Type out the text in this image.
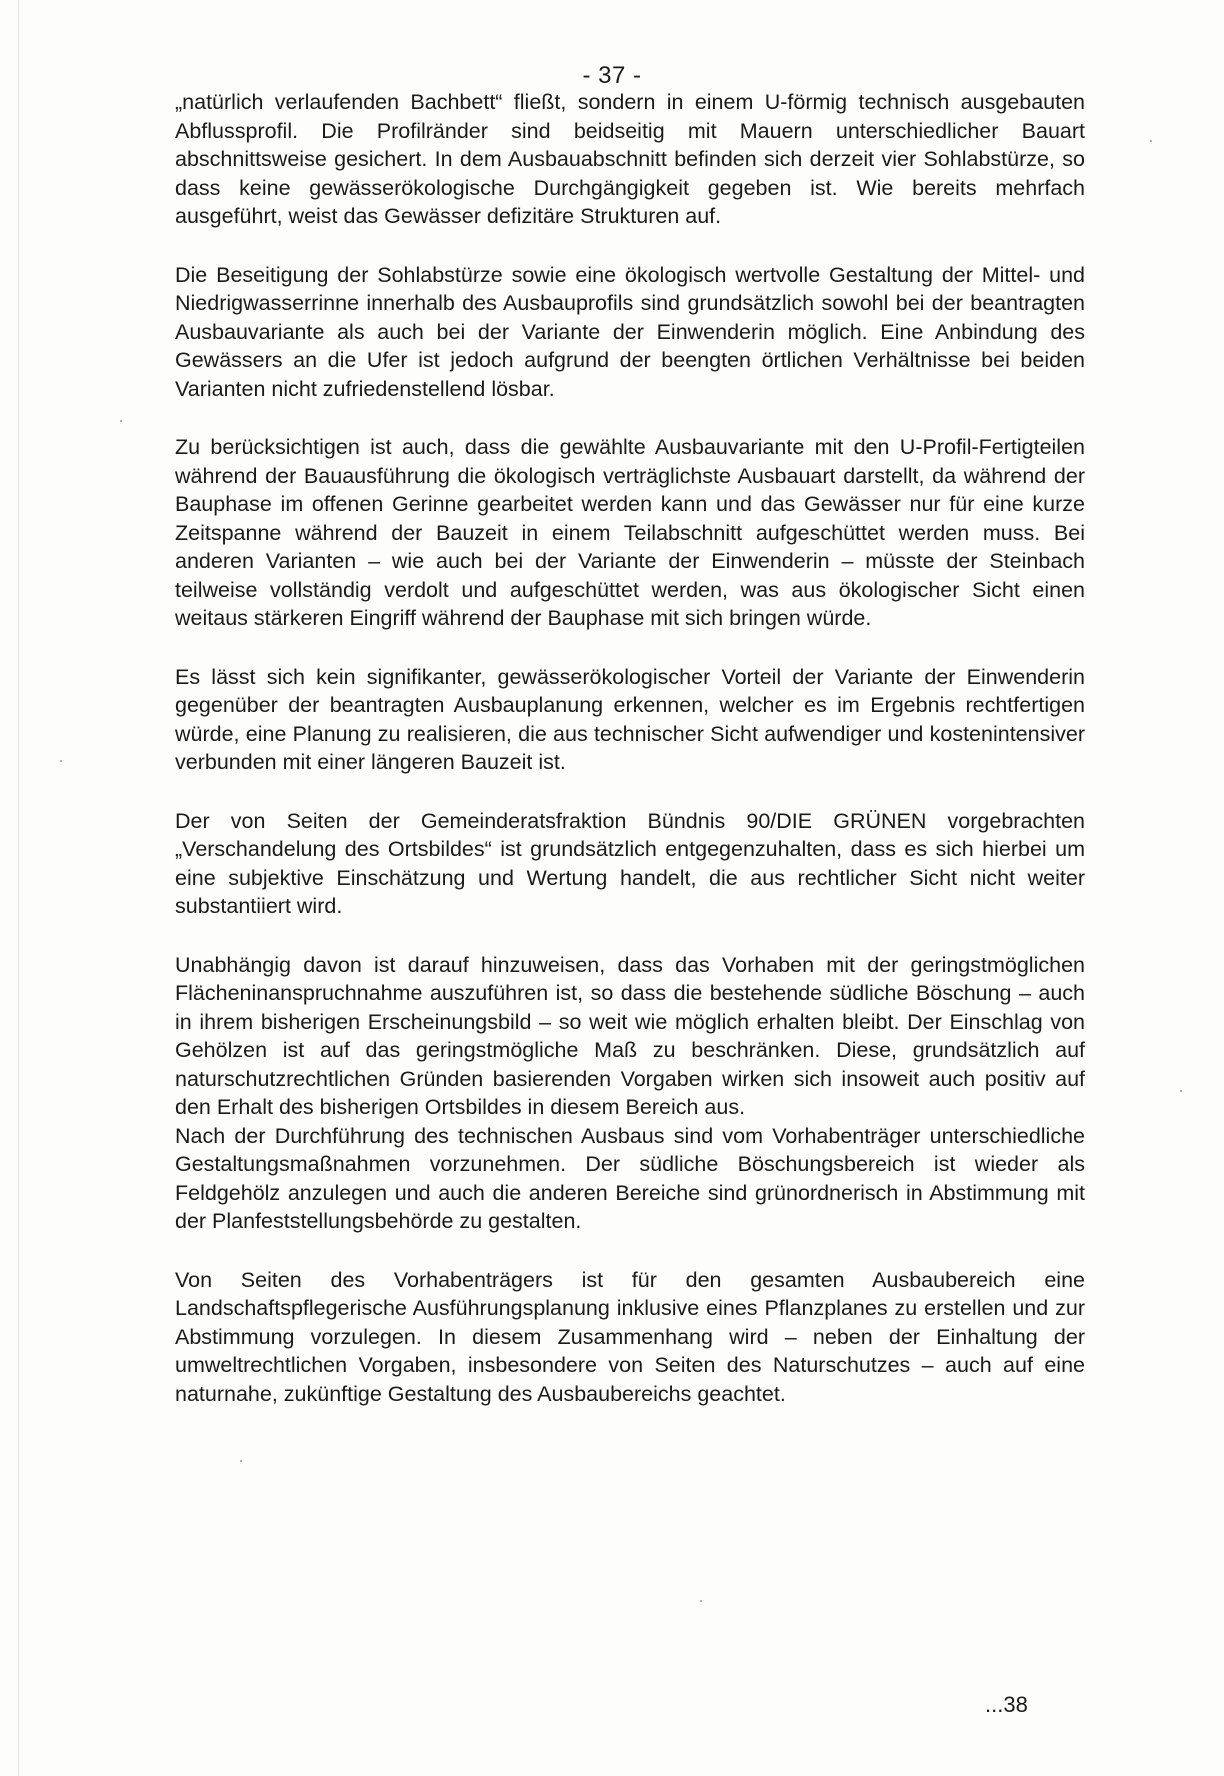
- 37 -

„natürlich verlaufenden Bachbett“ fließt, sondern in einem U-förmig technisch ausgebauten Abflussprofil. Die Profilränder sind beidseitig mit Mauern unterschiedlicher Bauart abschnittsweise gesichert. In dem Ausbauabschnitt befinden sich derzeit vier Sohlabstürze, so dass keine gewässerökologische Durchgängigkeit gegeben ist. Wie bereits mehrfach ausgeführt, weist das Gewässer defizitäre Strukturen auf.

Die Beseitigung der Sohlabstürze sowie eine ökologisch wertvolle Gestaltung der Mittel- und Niedrigwasserrinne innerhalb des Ausbauprofils sind grundsätzlich sowohl bei der beantragten Ausbauvariante als auch bei der Variante der Einwenderin möglich. Eine Anbindung des Gewässers an die Ufer ist jedoch aufgrund der beengten örtlichen Verhältnisse bei beiden Varianten nicht zufriedenstellend lösbar.

Zu berücksichtigen ist auch, dass die gewählte Ausbauvariante mit den U-Profil-Fertigteilen während der Bauausführung die ökologisch verträglichste Ausbauart darstellt, da während der Bauphase im offenen Gerinne gearbeitet werden kann und das Gewässer nur für eine kurze Zeitspanne während der Bauzeit in einem Teilabschnitt aufgeschüttet werden muss. Bei anderen Varianten – wie auch bei der Variante der Einwenderin – müsste der Steinbach teilweise vollständig verdolt und aufgeschüttet werden, was aus ökologischer Sicht einen weitaus stärkeren Eingriff während der Bauphase mit sich bringen würde.

Es lässt sich kein signifikanter, gewässerökologischer Vorteil der Variante der Einwenderin gegenüber der beantragten Ausbauplanung erkennen, welcher es im Ergebnis rechtfertigen würde, eine Planung zu realisieren, die aus technischer Sicht aufwendiger und kostenintensiver verbunden mit einer längeren Bauzeit ist.

Der von Seiten der Gemeinderatsfraktion Bündnis 90/DIE GRÜNEN vorgebrachten „Verschandelung des Ortsbildes“ ist grundsätzlich entgegenzuhalten, dass es sich hierbei um eine subjektive Einschätzung und Wertung handelt, die aus rechtlicher Sicht nicht weiter substantiiert wird.

Unabhängig davon ist darauf hinzuweisen, dass das Vorhaben mit der geringstmöglichen Flächeninanspruchnahme auszuführen ist, so dass die bestehende südliche Böschung – auch in ihrem bisherigen Erscheinungsbild – so weit wie möglich erhalten bleibt. Der Einschlag von Gehölzen ist auf das geringstmögliche Maß zu beschränken. Diese, grundsätzlich auf naturschutzrechtlichen Gründen basierenden Vorgaben wirken sich insoweit auch positiv auf den Erhalt des bisherigen Ortsbildes in diesem Bereich aus.

Nach der Durchführung des technischen Ausbaus sind vom Vorhabenträger unterschiedliche Gestaltungsmaßnahmen vorzunehmen. Der südliche Böschungsbereich ist wieder als Feldgehölz anzulegen und auch die anderen Bereiche sind grünordnerisch in Abstimmung mit der Planfeststellungsbehörde zu gestalten.

Von Seiten des Vorhabenträgers ist für den gesamten Ausbaubereich eine Landschaftspflegerische Ausführungsplanung inklusive eines Pflanzplanes zu erstellen und zur Abstimmung vorzulegen. In diesem Zusammenhang wird – neben der Einhaltung der umweltrechtlichen Vorgaben, insbesondere von Seiten des Naturschutzes – auch auf eine naturnahe, zukünftige Gestaltung des Ausbaubereichs geachtet.

...38
